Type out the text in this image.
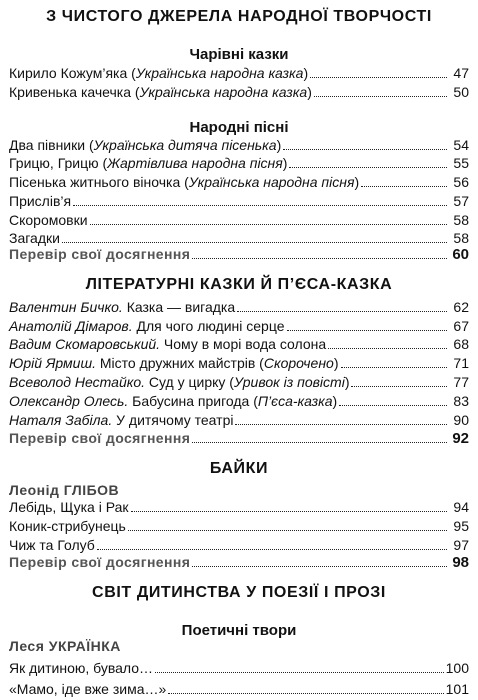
З ЧИСТОГО ДЖЕРЕЛА НАРОДНОЇ ТВОРЧОСТІ
Чарівні казки
Кирило Кожум’яка (Українська народна казка)	47
Кривенька качечка (Українська народна казка)	50
Народні пісні
Два півники (Українська дитяча пісенька)	54
Грицю, Грицю (Жартівлива народна пісня)	55
Пісенька житнього віночка (Українська народна пісня)	56
Прислів’я	57
Скоромовки	58
Загадки	58
Перевір свої досягнення	60
ЛІТЕРАТУРНІ КАЗКИ Й П’ЄСА-КАЗКА
Валентин Бичко. Казка — вигадка	62
Анатолій Дімаров. Для чого людині серце	67
Вадим Скомаровський. Чому в морі вода солона	68
Юрій Ярмиш. Місто дружних майстрів (Скорочено)	71
Всеволод Нестайко. Суд у цирку (Уривок із повісті)	77
Олександр Олесь. Бабусина пригода (П’єса-казка)	83
Наталя Забіла. У дитячому театрі	90
Перевір свої досягнення	92
БАЙКИ
Леонід ГЛІБОВ
Лебідь, Щука і Рак	94
Коник-стрибунець	95
Чиж та Голуб	97
Перевір свої досягнення	98
СВІТ ДИТИНСТВА У ПОЕЗІЇ І ПРОЗІ
Поетичні твори
Леся УКРАЇНКА
Як дитиною, бувало…	100
«Мамо, іде вже зима…»	101
